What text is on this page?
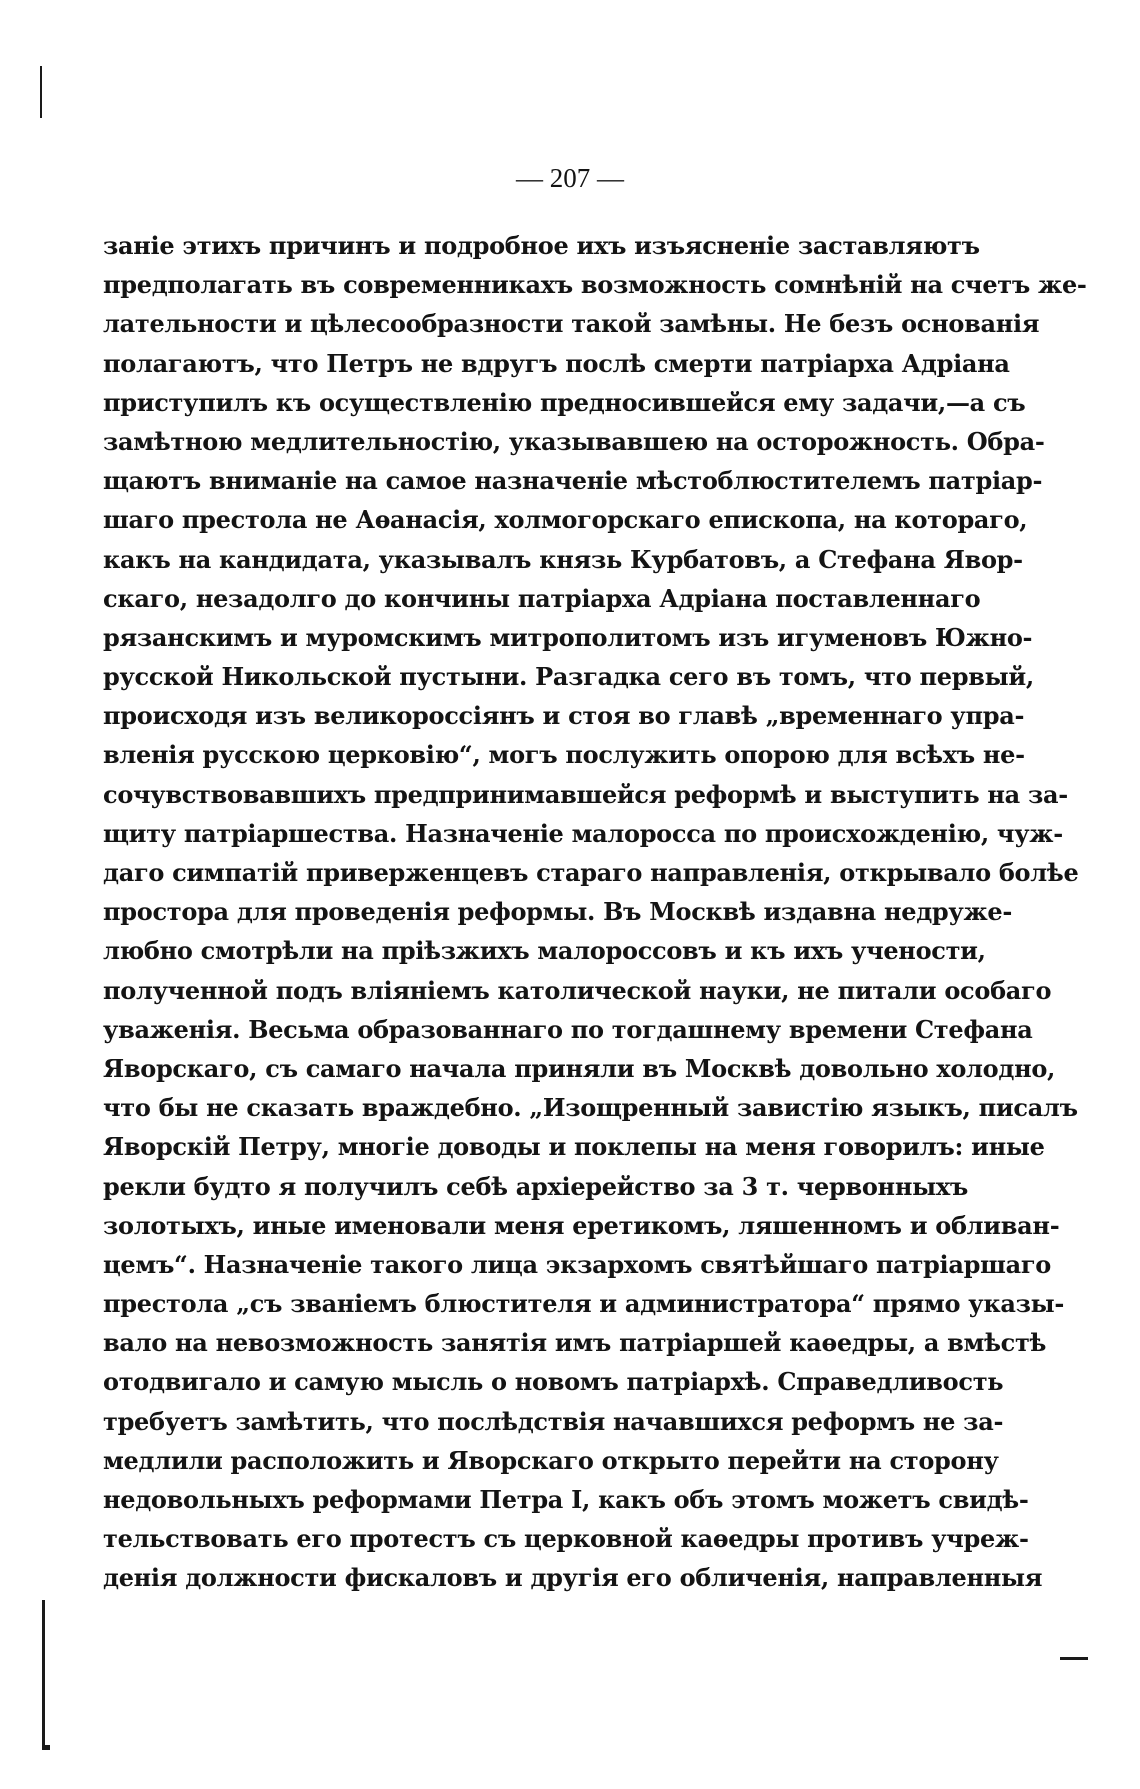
— 207 —
заніе этихъ причинъ и подробное ихъ изъясненіе заставляютъ
предполагать въ современникахъ возможность сомнѣній на счетъ же-
лательности и цѣлесообразности такой замѣны. Не безъ основанія
полагаютъ, что Петръ не вдругъ послѣ смерти патріарха Адріана
приступилъ къ осуществленію предносившейся ему задачи,—а съ
замѣтною медлительностію, указывавшею на осторожность. Обра-
щаютъ вниманіе на самое назначеніе мѣстоблюстителемъ патріар-
шаго престола не Аѳанасія, холмогорскаго епископа, на котораго,
какъ на кандидата, указывалъ князь Курбатовъ, а Стефана Явор-
скаго, незадолго до кончины патріарха Адріана поставленнаго
рязанскимъ и муромскимъ митрополитомъ изъ игуменовъ Южно-
русской Никольской пустыни. Разгадка сего въ томъ, что первый,
происходя изъ великороссіянъ и стоя во главѣ „временнаго упра-
вленія русскою церковію“, могъ послужить опорою для всѣхъ не-
сочувствовавшихъ предпринимавшейся реформѣ и выступить на за-
щиту патріаршества. Назначеніе малоросса по происхожденію, чуж-
даго симпатій приверженцевъ стараго направленія, открывало болѣе
простора для проведенія реформы. Въ Москвѣ издавна недруже-
любно смотрѣли на пріѣзжихъ малороссовъ и къ ихъ учености,
полученной подъ вліяніемъ католической науки, не питали особаго
уваженія. Весьма образованнаго по тогдашнему времени Стефана
Яворскаго, съ самаго начала приняли въ Москвѣ довольно холодно,
что бы не сказать враждебно. „Изощренный завистію языкъ, писалъ
Яворскій Петру, многіе доводы и поклепы на меня говорилъ: иные
рекли будто я получилъ себѣ архіерейство за 3 т. червонныхъ
золотыхъ, иные именовали меня еретикомъ, ляшенномъ и обливан-
цемъ“. Назначеніе такого лица экзархомъ святѣйшаго патріаршаго
престола „съ званіемъ блюстителя и администратора“ прямо указы-
вало на невозможность занятія имъ патріаршей каѳедры, а вмѣстѣ
отодвигало и самую мысль о новомъ патріархѣ. Справедливость
требуетъ замѣтить, что послѣдствія начавшихся реформъ не за-
медлили расположить и Яворскаго открыто перейти на сторону
недовольныхъ реформами Петра I, какъ объ этомъ можетъ свидѣ-
тельствовать его протестъ съ церковной каѳедры противъ учреж-
денія должности фискаловъ и другія его обличенія, направленныя
